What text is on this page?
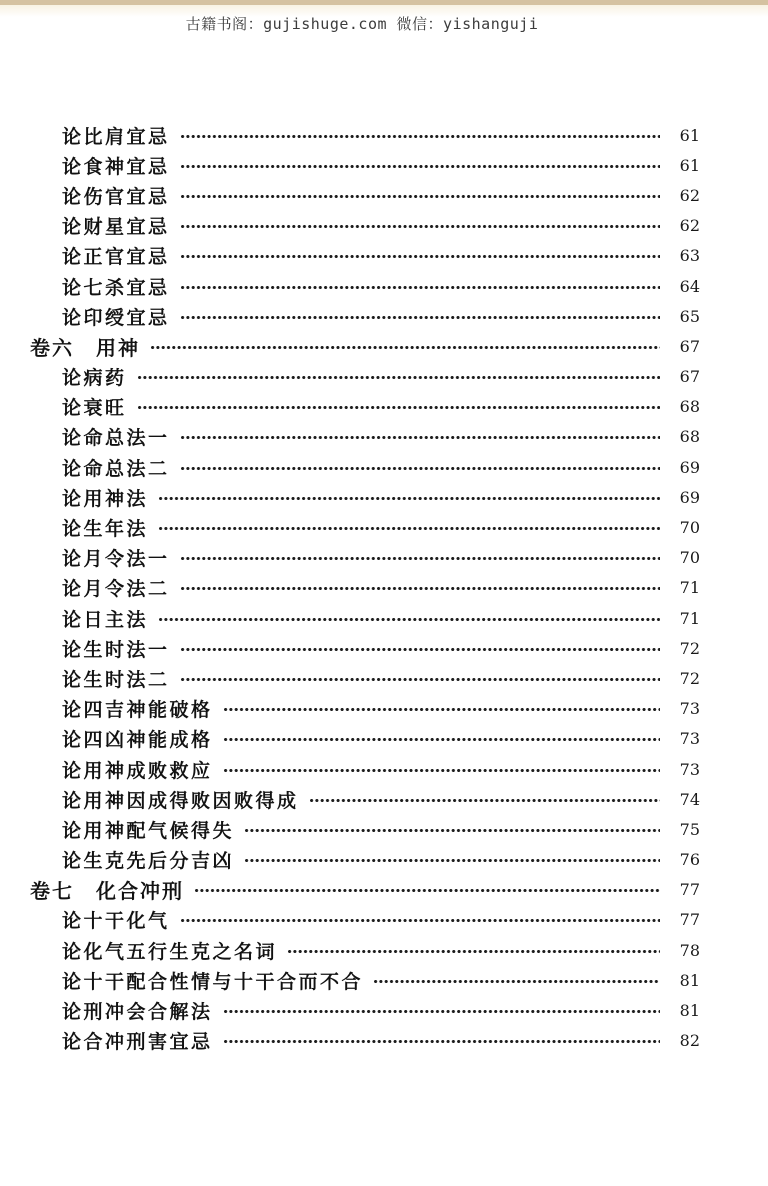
古籍书阁：gujishuge.com 微信：yishanguji
论比肩宜忌	61
论食神宜忌	61
论伤官宜忌	62
论财星宜忌	62
论正官宜忌	63
论七杀宜忌	64
论印绶宜忌	65
卷六　用神	67
论病药	67
论衰旺	68
论命总法一	68
论命总法二	69
论用神法	69
论生年法	70
论月令法一	70
论月令法二	71
论日主法	71
论生时法一	72
论生时法二	72
论四吉神能破格	73
论四凶神能成格	73
论用神成败救应	73
论用神因成得败因败得成	74
论用神配气候得失	75
论生克先后分吉凶	76
卷七　化合冲刑	77
论十干化气	77
论化气五行生克之名词	78
论十干配合性情与十干合而不合	81
论刑冲会合解法	81
论合冲刑害宜忌	82
